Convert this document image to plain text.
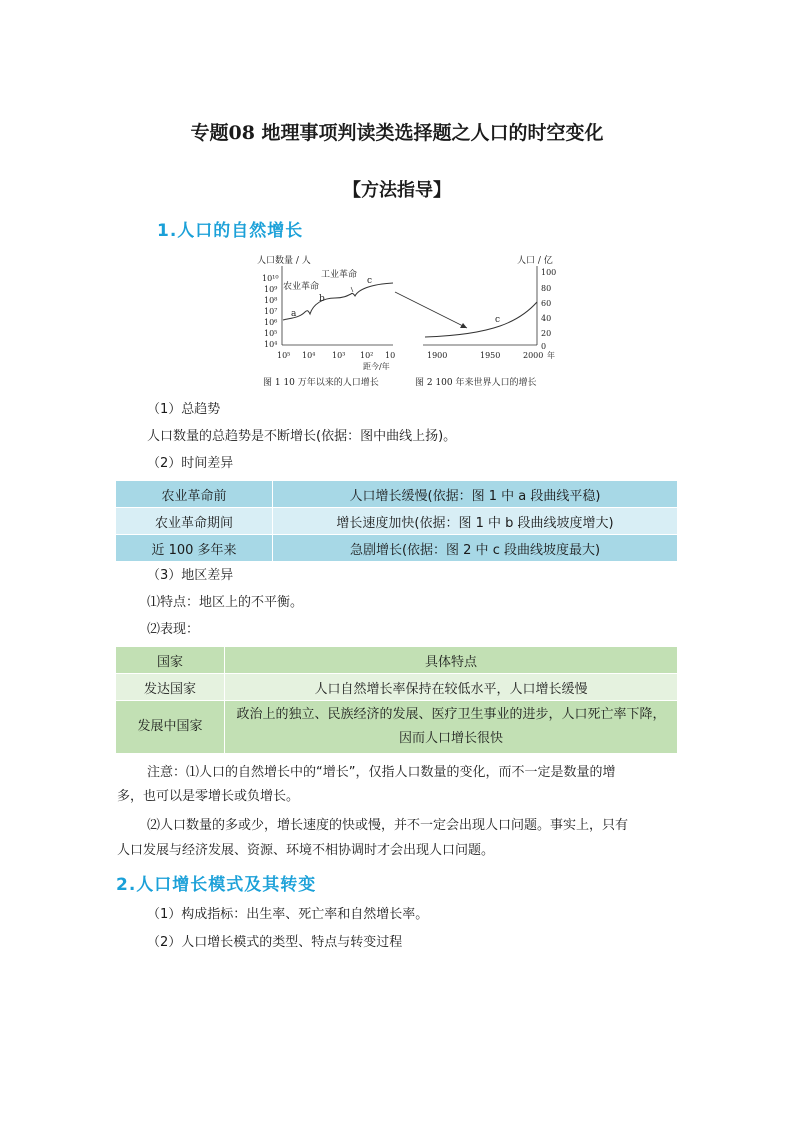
专题08 地理事项判读类选择题之人口的时空变化
【方法指导】
1.人口的自然增长
人口数量 / 人
10¹⁰
10⁹
10⁸
10⁷
10⁶
10⁵
10⁴
10⁵ 10⁴ 10³ 10² 10
距今/年
农业革命
工业革命
a
b
c
人口 / 亿
100
80
60
40
20
0
1900	1950	2000 年
c
图 1 10 万年以来的人口增长	图 2 100 年来世界人口的增长
（1）总趋势
人口数量的总趋势是不断增长(依据：图中曲线上扬)。
（2）时间差异
农业革命前	人口增长缓慢(依据：图 1 中 a 段曲线平稳)
农业革命期间	增长速度加快(依据：图 1 中 b 段曲线坡度增大)
近 100 多年来	急剧增长(依据：图 2 中 c 段曲线坡度最大)
（3）地区差异
⑴特点：地区上的不平衡。
⑵表现：
国家	具体特点
发达国家	人口自然增长率保持在较低水平，人口增长缓慢
发展中国家	政治上的独立、民族经济的发展、医疗卫生事业的进步，人口死亡率下降，
因而人口增长很快
注意：⑴人口的自然增长中的“增长”，仅指人口数量的变化，而不一定是数量的增
多，也可以是零增长或负增长。
⑵人口数量的多或少，增长速度的快或慢，并不一定会出现人口问题。事实上，只有
人口发展与经济发展、资源、环境不相协调时才会出现人口问题。
2.人口增长模式及其转变
（1）构成指标：出生率、死亡率和自然增长率。
（2）人口增长模式的类型、特点与转变过程
